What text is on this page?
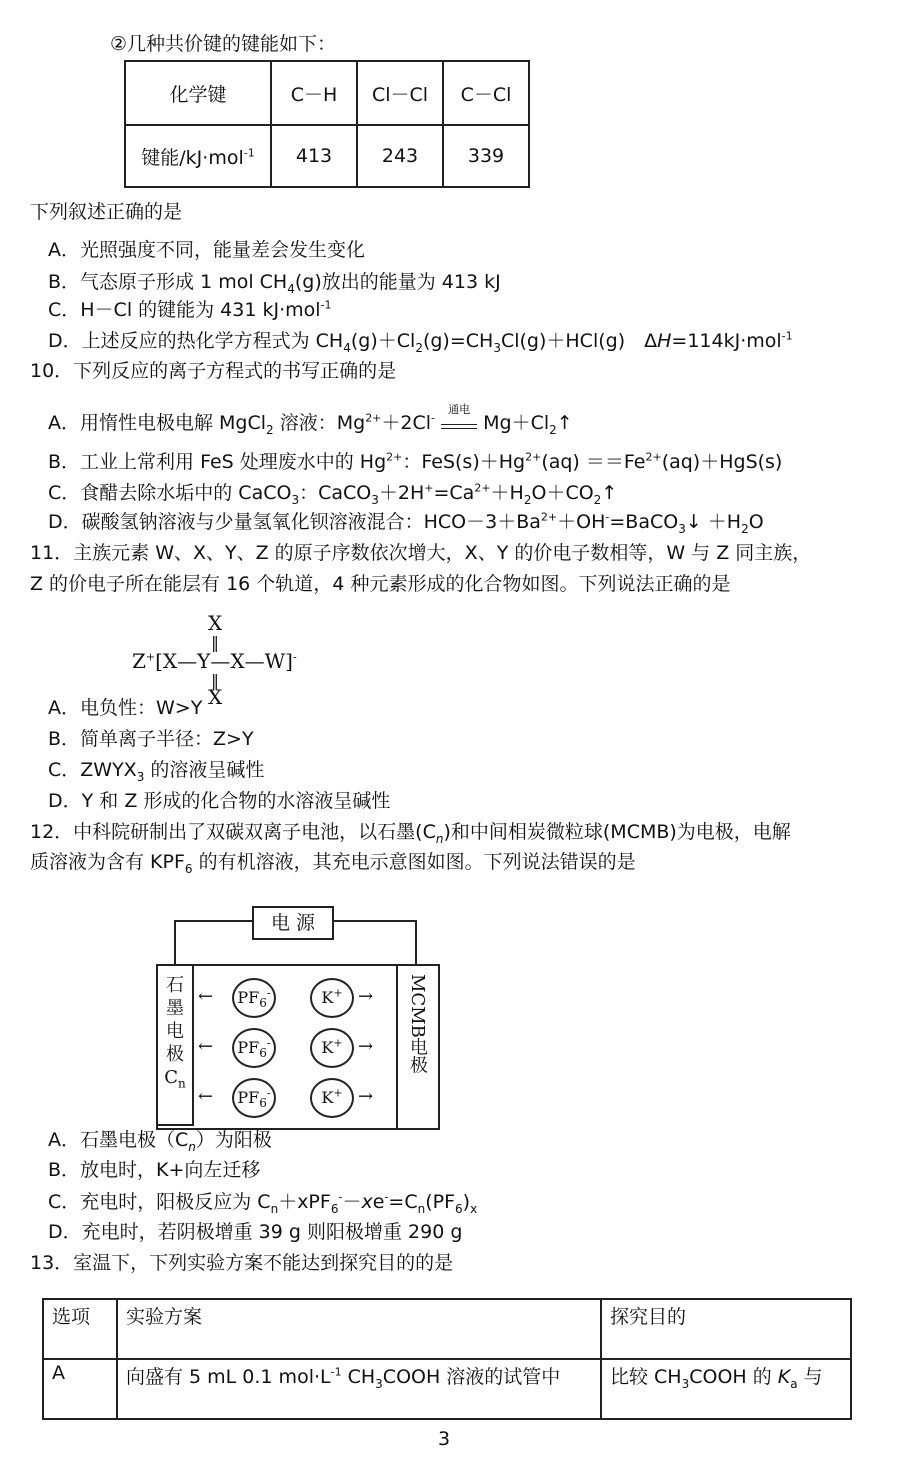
②几种共价键的键能如下：
化学键	C－H	Cl－Cl	C－Cl
键能/kJ·mol$^{-1}$	413	243	339
下列叙述正确的是
A．光照强度不同，能量差会发生变化
B．气态原子形成 1 mol $CH_4(g)$放出的能量为 413 kJ
C．H－Cl 的键能为 431 kJ·mol$^{-1}$
D．上述反应的热化学方程式为 $CH_4(g)+Cl_2(g)=CH_3Cl(g)+HCl(g)$　ΔH=114kJ·mol$^{-1}$
10．下列反应的离子方程式的书写正确的是
A．用惰性电极电解 MgCl$_2$ 溶液：$Mg^{2+}+2Cl^-$
通电
$Mg+Cl_2↑$
B．工业上常利用 FeS 处理废水中的 $Hg^{2+}$：$FeS(s)+Hg^{2+}(aq) ==Fe^{2+}(aq)+HgS(s)$
C．食醋去除水垢中的 CaCO$_3$：$CaCO_3+2H^+=Ca^{2+}+H_2O+CO_2↑$
D．碳酸氢钠溶液与少量氢氧化钡溶液混合：$HCO-3+Ba^{2+}+OH^-=BaCO_3↓ +H_2O$
11．主族元素 W、X、Y、Z 的原子序数依次增大，X、Y 的价电子数相等，W 与 Z 同主族，
Z 的价电子所在能层有 16 个轨道，4 种元素形成的化合物如图。下列说法正确的是
X
‖
Z+[X—Y—X—W]-
‖
X
A．电负性：W>Y
B．简单离子半径：Z>Y
C．$ZWYX_3$ 的溶液呈碱性
D．Y 和 Z 形成的化合物的水溶液呈碱性
12．中科院研制出了双碳双离子电池，以石墨$(C_n)$和中间相炭微粒球(MCMB)为电极，电解
质溶液为含有 $KPF_6$ 的有机溶液，其充电示意图如图。下列说法错误的是
电 源
石
墨
电
极
$C_n$
MCMB电极
←	$PF_6^-$	K+ →
←	$PF_6^-$	K+ →
←	$PF_6^-$	K+ →
A．石墨电极$(C_n)$为阳极
B．放电时，K+向左迁移
C．充电时，阳极反应为 $C_n+xPF_6^--xe^-=C_n(PF_6)_x$
D．充电时，若阴极增重 39 g 则阳极增重 290 g
13．室温下，下列实验方案不能达到探究目的的是
选项	实验方案	探究目的
A	向盛有 5 mL 0.1 $mol\cdot L^{-1}$ $CH_3COOH$ 溶液的试管中	比较 $CH_3COOH$ 的 $K_a$ 与
3
